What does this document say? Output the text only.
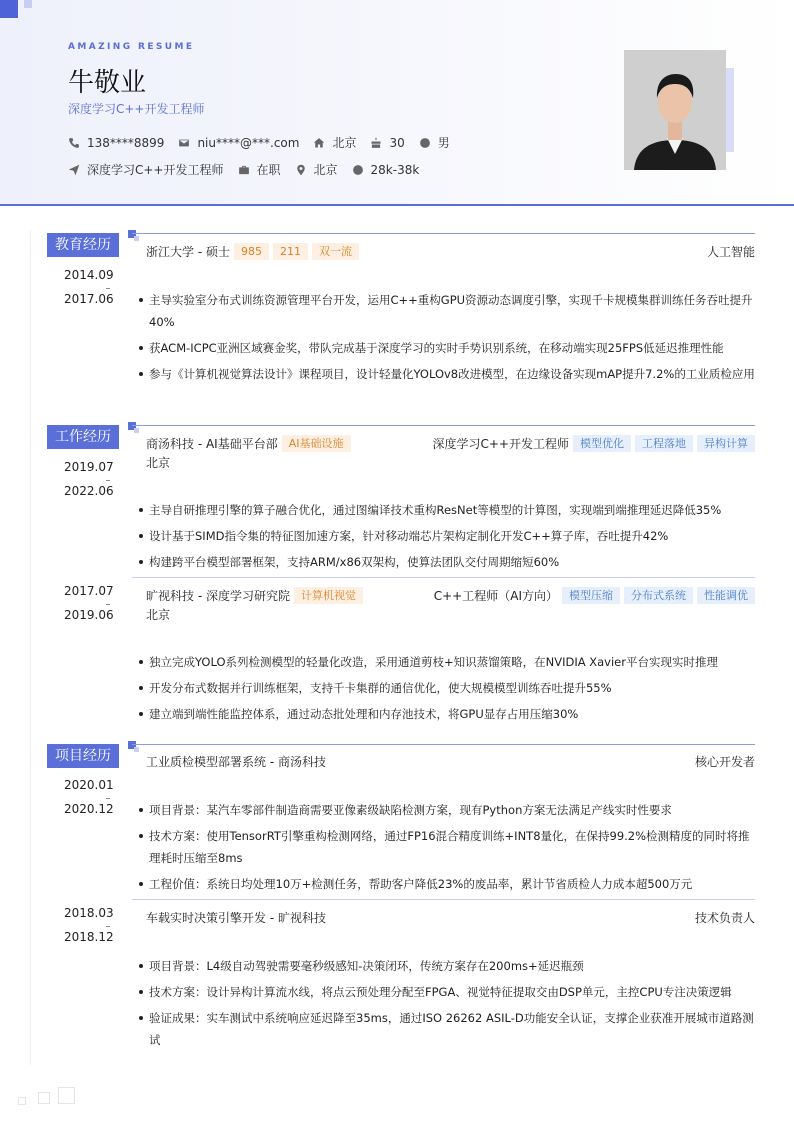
AMAZING RESUME
牛敬业
深度学习C++开发工程师
138****8899	niu****@***.com	北京	30	男
深度学习C++开发工程师	在职	北京	28k-38k
教育经历
2014.09
2017.06
浙江大学 - 硕士	985	211	双一流	人工智能
主导实验室分布式训练资源管理平台开发，运用C++重构GPU资源动态调度引擎，实现千卡规模集群训练任务吞吐提升40%
获ACM-ICPC亚洲区域赛金奖，带队完成基于深度学习的实时手势识别系统，在移动端实现25FPS低延迟推理性能
参与《计算机视觉算法设计》课程项目，设计轻量化YOLOv8改进模型，在边缘设备实现mAP提升7.2%的工业质检应用
工作经历
2019.07
2022.06
商汤科技 - AI基础平台部	AI基础设施
北京
深度学习C++开发工程师	模型优化	工程落地	异构计算
主导自研推理引擎的算子融合优化，通过图编译技术重构ResNet等模型的计算图，实现端到端推理延迟降低35%
设计基于SIMD指令集的特征图加速方案，针对移动端芯片架构定制化开发C++算子库，吞吐提升42%
构建跨平台模型部署框架，支持ARM/x86双架构，使算法团队交付周期缩短60%
2017.07
2019.06
旷视科技 - 深度学习研究院	计算机视觉
北京
C++工程师（AI方向）	模型压缩	分布式系统	性能调优
独立完成YOLO系列检测模型的轻量化改造，采用通道剪枝+知识蒸馏策略，在NVIDIA Xavier平台实现实时推理
开发分布式数据并行训练框架，支持千卡集群的通信优化，使大规模模型训练吞吐提升55%
建立端到端性能监控体系，通过动态批处理和内存池技术，将GPU显存占用压缩30%
项目经历
2020.01
2020.12
工业质检模型部署系统 - 商汤科技	核心开发者
项目背景：某汽车零部件制造商需要亚像素级缺陷检测方案，现有Python方案无法满足产线实时性要求
技术方案：使用TensorRT引擎重构检测网络，通过FP16混合精度训练+INT8量化，在保持99.2%检测精度的同时将推理耗时压缩至8ms
工程价值：系统日均处理10万+检测任务，帮助客户降低23%的废品率，累计节省质检人力成本超500万元
2018.03
2018.12
车载实时决策引擎开发 - 旷视科技	技术负责人
项目背景：L4级自动驾驶需要毫秒级感知-决策闭环，传统方案存在200ms+延迟瓶颈
技术方案：设计异构计算流水线，将点云预处理分配至FPGA、视觉特征提取交由DSP单元，主控CPU专注决策逻辑
验证成果：实车测试中系统响应延迟降至35ms，通过ISO 26262 ASIL-D功能安全认证，支撑企业获准开展城市道路测试
